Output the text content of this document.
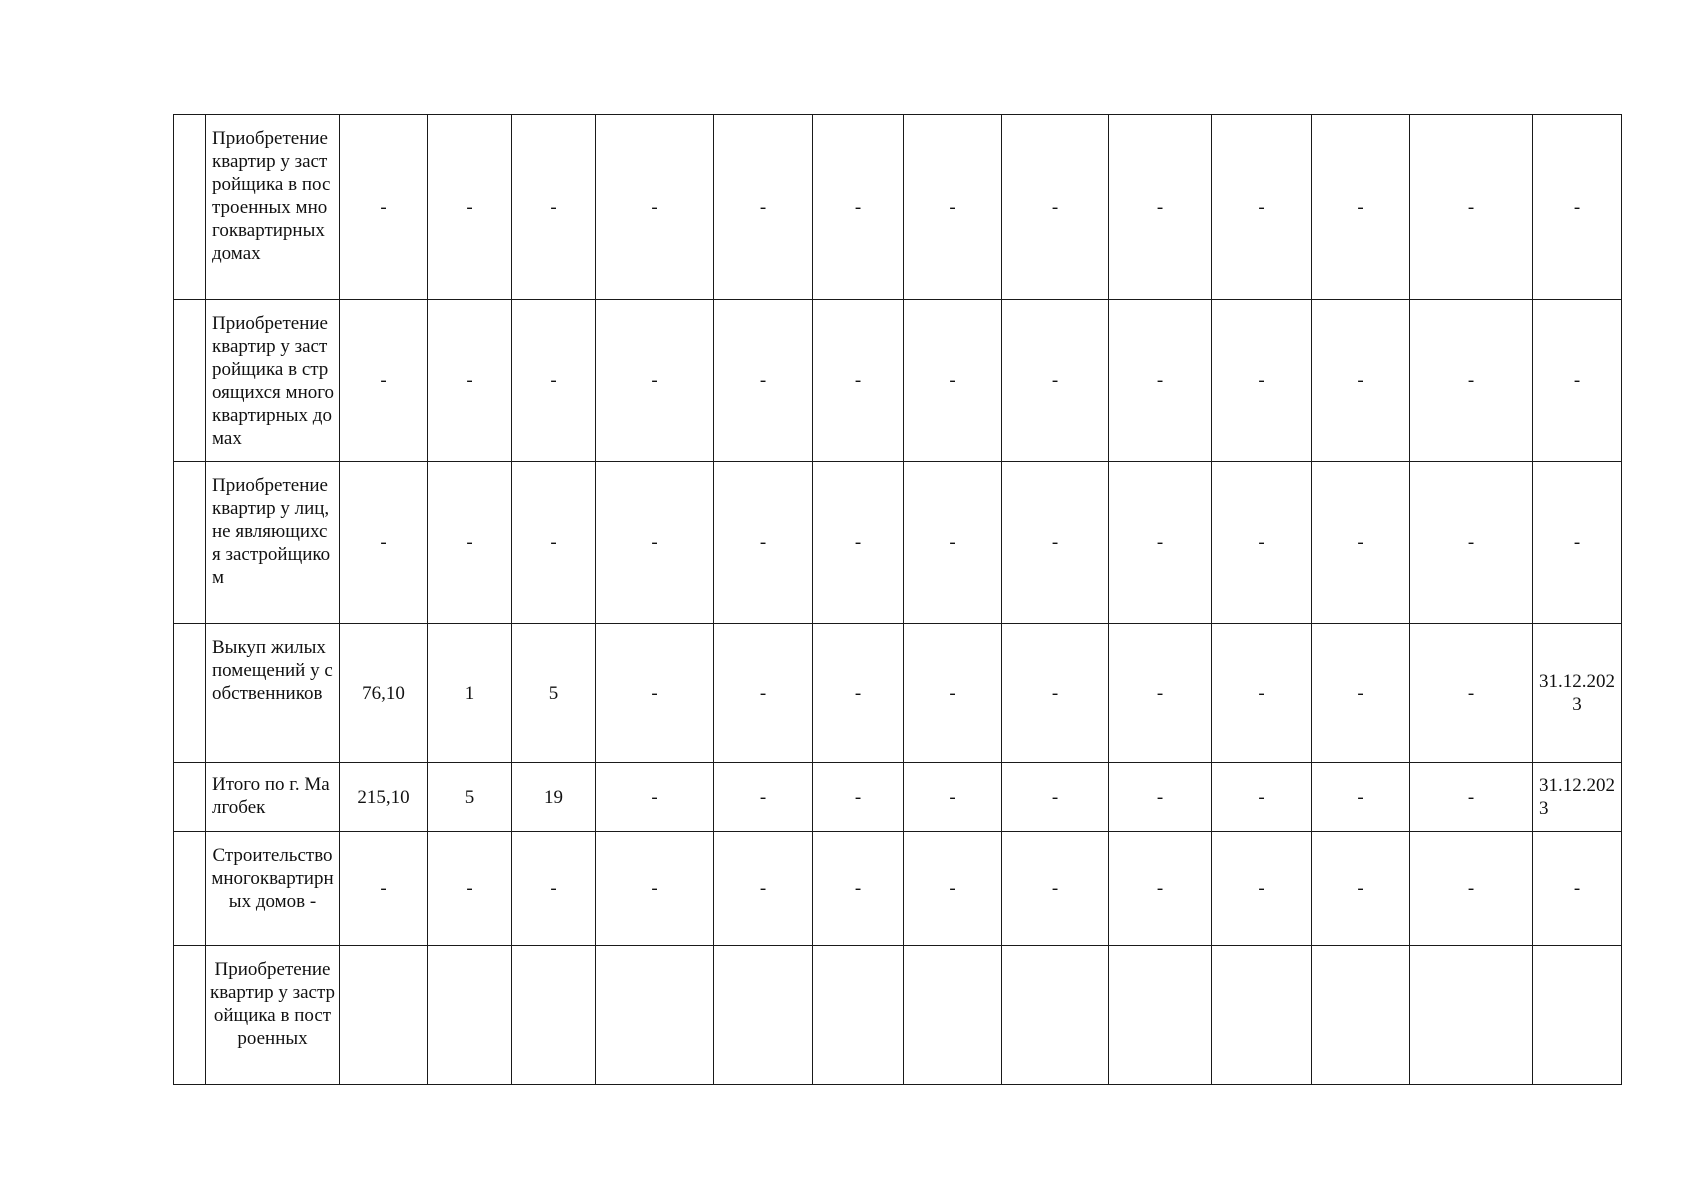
	Приобретение квартир у застройщика в построенных многоквартирных домах	-	-	-	-	-	-	-	-	-	-	-	-	-
	Приобретение квартир у застройщика в строящихся многоквартирных домах	-	-	-	-	-	-	-	-	-	-	-	-	-
	Приобретение квартир у лиц, не являющихся застройщиком	-	-	-	-	-	-	-	-	-	-	-	-	-
	Выкуп жилых помещений у собственников	76,10	1	5	-	-	-	-	-	-	-	-	-	31.12.2023
	Итого по г. Малгобек	215,10	5	19	-	-	-	-	-	-	-	-	-	31.12.2023
	Строительство многоквартирных домов -	-	-	-	-	-	-	-	-	-	-	-	-	-
	Приобретение квартир у застройщика в построенных													
